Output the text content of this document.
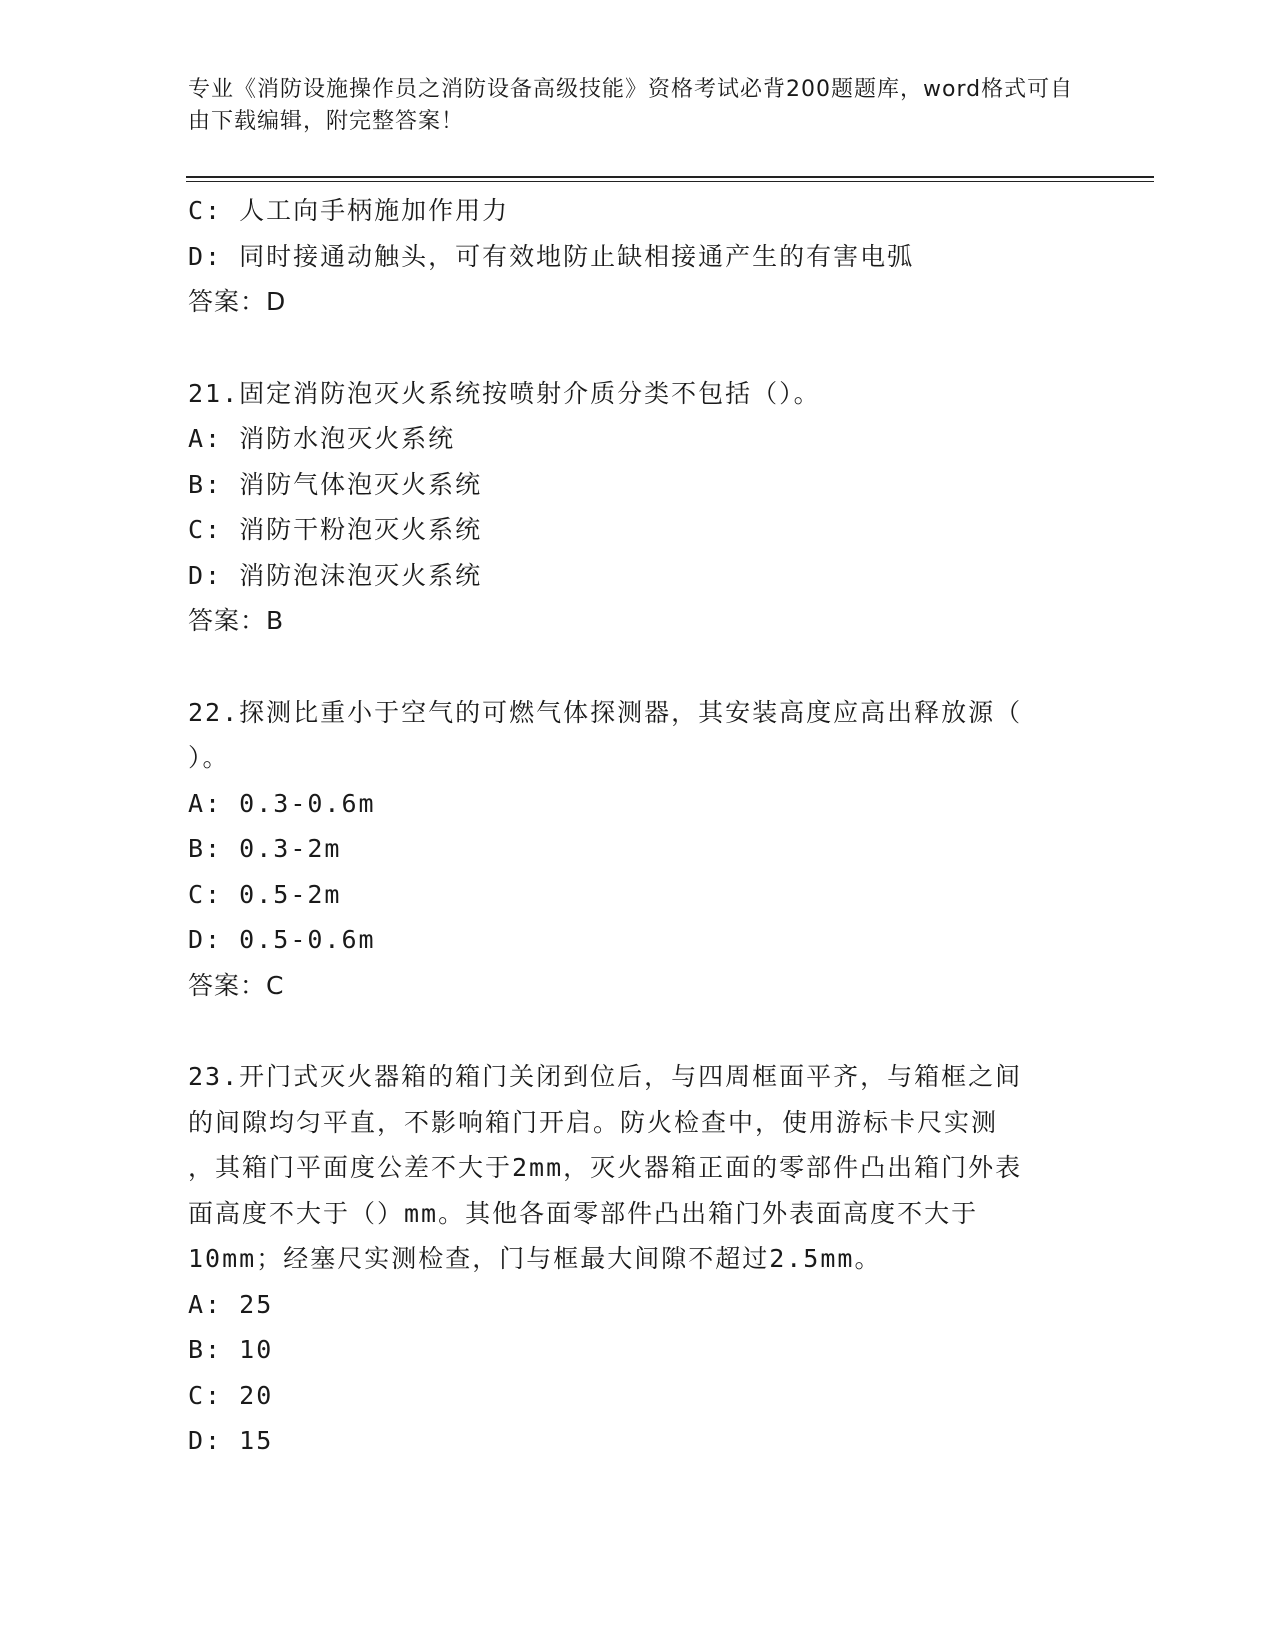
专业《消防设施操作员之消防设备高级技能》资格考试必背200题题库，word格式可自由下载编辑，附完整答案！
C: 人工向手柄施加作用力
D: 同时接通动触头，可有效地防止缺相接通产生的有害电弧
答案：D
21.固定消防泡灭火系统按喷射介质分类不包括（）。
A: 消防水泡灭火系统
B: 消防气体泡灭火系统
C: 消防干粉泡灭火系统
D: 消防泡沫泡灭火系统
答案：B
22.探测比重小于空气的可燃气体探测器，其安装高度应高出释放源（
）。
A: 0.3-0.6m
B: 0.3-2m
C: 0.5-2m
D: 0.5-0.6m
答案：C
23.开门式灭火器箱的箱门关闭到位后，与四周框面平齐，与箱框之间
的间隙均匀平直，不影响箱门开启。防火检查中，使用游标卡尺实测
，其箱门平面度公差不大于2mm，灭火器箱正面的零部件凸出箱门外表
面高度不大于（）mm。其他各面零部件凸出箱门外表面高度不大于
10mm；经塞尺实测检查，门与框最大间隙不超过2.5mm。
A: 25
B: 10
C: 20
D: 15
